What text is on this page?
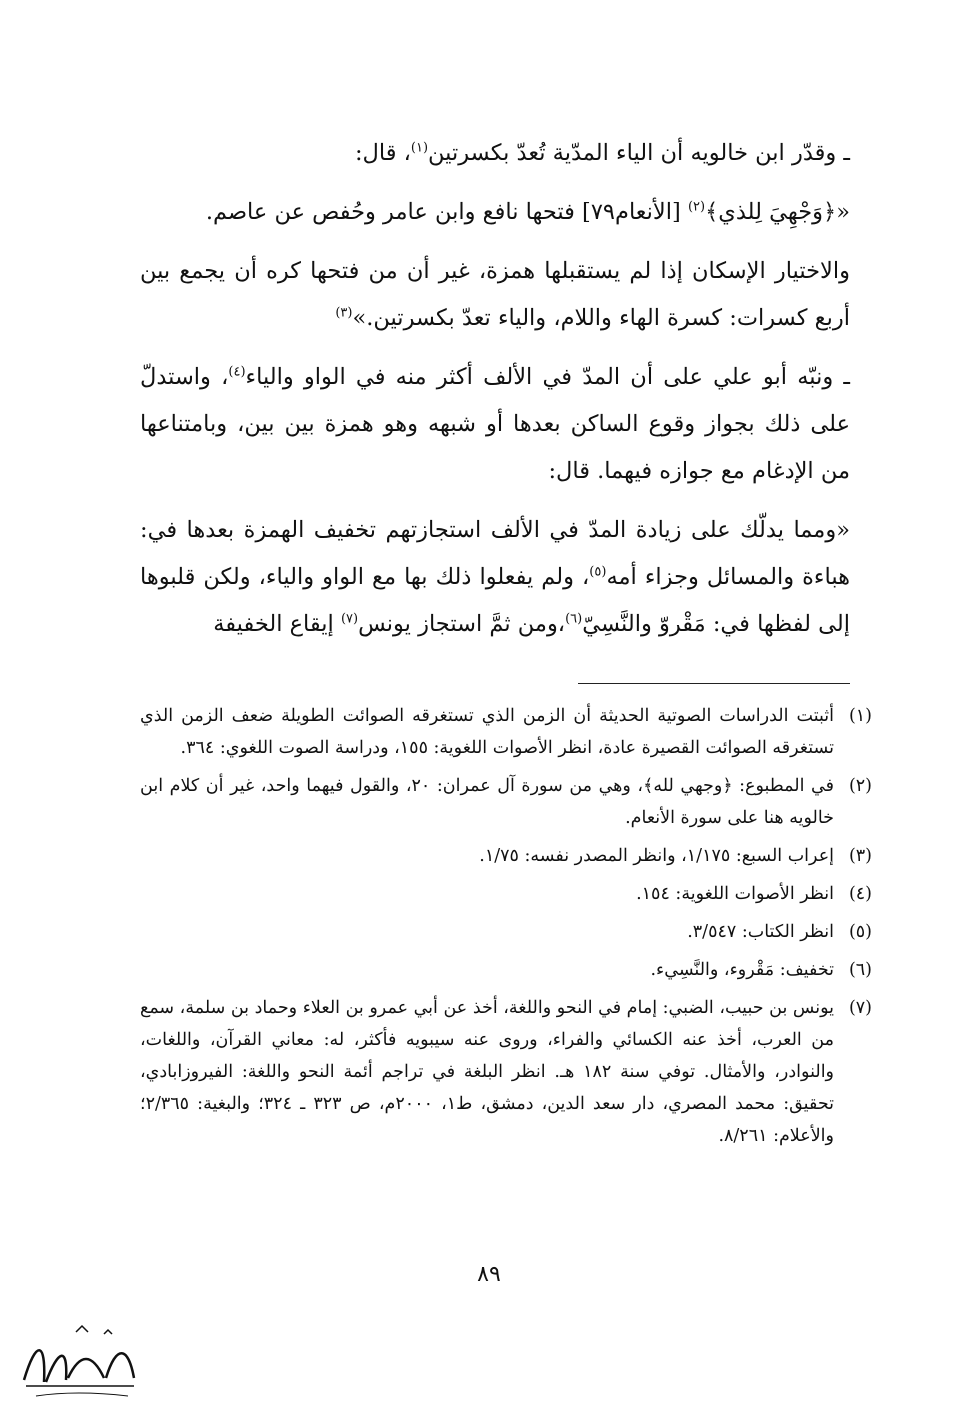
ـ وقدّر ابن خالويه أن الياء المدّية تُعدّ بكسرتين$^{(١)}$، قال:

«﴿وَجْهِيَ لِلذي﴾$^{(٢)}$ [الأنعام٧٩] فتحها نافع وابن عامر وحُفص عن عاصم.

والاختيار الإسكان إذا لم يستقبلها همزة، غير أن من فتحها كره أن يجمع بين أربع كسرات: كسرة الهاء واللام، والياء تعدّ بكسرتين.»$^{(٣)}$

ـ ونبّه أبو علي على أن المدّ في الألف أكثر منه في الواو والياء$^{(٤)}$، واستدلّ على ذلك بجواز وقوع الساكن بعدها أو شبهه وهو همزة بين بين، وبامتناعها من الإدغام مع جوازه فيهما. قال:

«ومما يدلّك على زيادة المدّ في الألف استجازتهم تخفيف الهمزة بعدها في: هباءة والمسائل وجزاء أمه$^{(٥)}$، ولم يفعلوا ذلك بها مع الواو والياء، ولكن قلبوها إلى لفظها في: مَقْروّ والنَّسِيّ$^{(٦)}$،ومن ثمَّ استجاز يونس$^{(٧)}$ إيقاع الخفيفة

(١)
أثبتت الدراسات الصوتية الحديثة أن الزمن الذي تستغرقه الصوائت الطويلة ضعف الزمن الذي تستغرقه الصوائت القصيرة عادة، انظر الأصوات اللغوية: ١٥٥، ودراسة الصوت اللغوي: ٣٦٤.
(٢)
في المطبوع: ﴿وجهي لله﴾، وهي من سورة آل عمران: ٢٠، والقول فيهما واحد، غير أن كلام ابن خالويه هنا على سورة الأنعام.
(٣)
إعراب السبع: ١/١٧٥، وانظر المصدر نفسه: ١/٧٥.
(٤)
انظر الأصوات اللغوية: ١٥٤.
(٥)
انظر الكتاب: ٣/٥٤٧.
(٦)
تخفيف: مَقْروء، والنَّسِيء.
(٧)
يونس بن حبيب، الضبي: إمام في النحو واللغة، أخذ عن أبي عمرو بن العلاء وحماد بن سلمة، سمع من العرب، أخذ عنه الكسائي والفراء، وروى عنه سيبويه فأكثر، له: معاني القرآن، واللغات، والنوادر، والأمثال. توفي سنة ١٨٢ هـ. انظر البلغة في تراجم أئمة النحو واللغة: الفيروزابادي، تحقيق: محمد المصري، دار سعد الدين، دمشق، ط١، ٢٠٠٠م، ص ٣٢٣ ـ ٣٢٤؛ والبغية: ٢/٣٦٥؛ والأعلام: ٨/٢٦١.
٨٩
